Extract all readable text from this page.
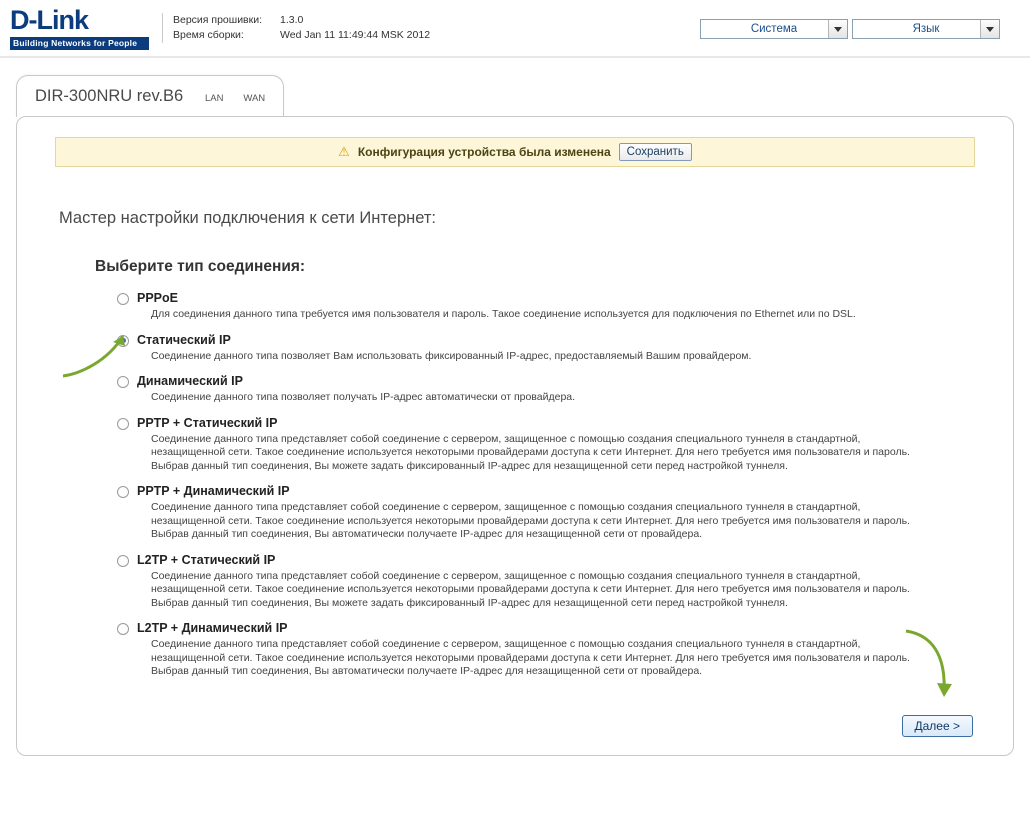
D-Link
Building Networks for People
Версия прошивки:	1.3.0
Время сборки:	Wed Jan 11 11:49:44 MSK 2012	Система	Язык
DIR-300NRU rev.B6	LAN	WAN
⚠ Конфигурация устройства была изменена	Сохранить
Мастер настройки подключения к сети Интернет:
Выберите тип соединения:
PPPoE
Для соединения данного типа требуется имя пользователя и пароль. Такое соединение используется для подключения по Ethernet или по DSL.
Статический IP
Соединение данного типа позволяет Вам использовать фиксированный IP-адрес, предоставляемый Вашим провайдером.
Динамический IP
Соединение данного типа позволяет получать IP-адрес автоматически от провайдера.
PPTP + Статический IP
Соединение данного типа представляет собой соединение с сервером, защищенное с помощью создания специального туннеля в стандартной, незащищенной сети. Такое соединение используется некоторыми провайдерами доступа к сети Интернет. Для него требуется имя пользователя и пароль. Выбрав данный тип соединения, Вы можете задать фиксированный IP-адрес для незащищенной сети перед настройкой туннеля.
PPTP + Динамический IP
Соединение данного типа представляет собой соединение с сервером, защищенное с помощью создания специального туннеля в стандартной, незащищенной сети. Такое соединение используется некоторыми провайдерами доступа к сети Интернет. Для него требуется имя пользователя и пароль. Выбрав данный тип соединения, Вы автоматически получаете IP-адрес для незащищенной сети от провайдера.
L2TP + Статический IP
Соединение данного типа представляет собой соединение с сервером, защищенное с помощью создания специального туннеля в стандартной, незащищенной сети. Такое соединение используется некоторыми провайдерами доступа к сети Интернет. Для него требуется имя пользователя и пароль. Выбрав данный тип соединения, Вы можете задать фиксированный IP-адрес для незащищенной сети перед настройкой туннеля.
L2TP + Динамический IP
Соединение данного типа представляет собой соединение с сервером, защищенное с помощью создания специального туннеля в стандартной, незащищенной сети. Такое соединение используется некоторыми провайдерами доступа к сети Интернет. Для него требуется имя пользователя и пароль. Выбрав данный тип соединения, Вы автоматически получаете IP-адрес для незащищенной сети от провайдера.
Далее >
